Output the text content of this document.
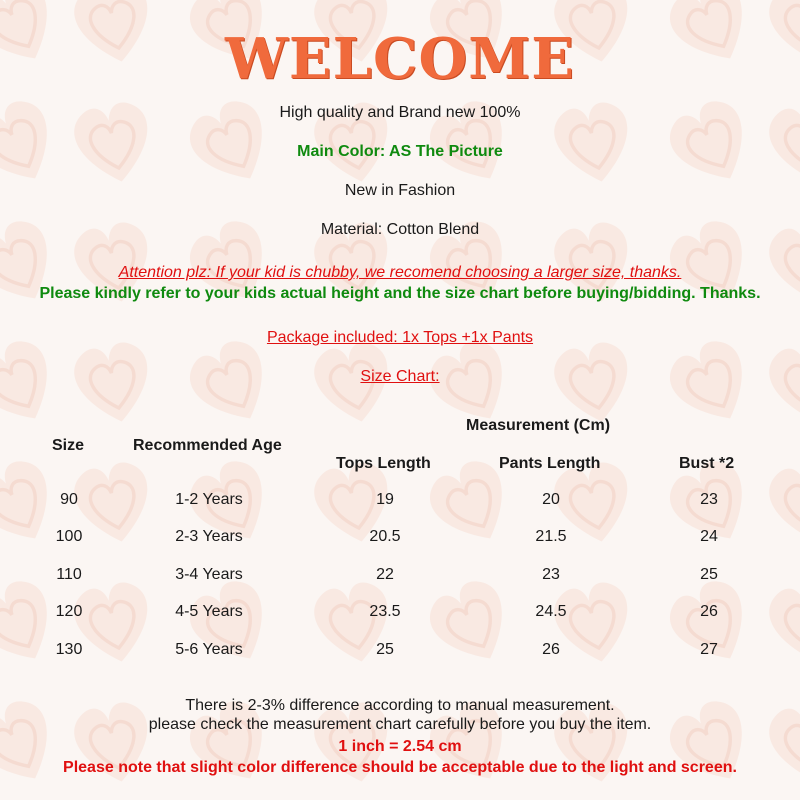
WELCOME
High quality and Brand new 100%
Main Color: AS The Picture
New in Fashion
Material: Cotton Blend
Attention plz: If your kid is chubby, we recomend choosing a larger size, thanks.
Please kindly refer to your kids actual height and the size chart before buying/bidding. Thanks.
Package included: 1x Tops +1x Pants
Size Chart:
Measurement (Cm)
Size	Recommended Age
Tops Length	Pants Length	Bust *2
90	1-2 Years	19	20	23
100	2-3 Years	20.5	21.5	24
110	3-4 Years	22	23	25
120	4-5 Years	23.5	24.5	26
130	5-6 Years	25	26	27
There is 2-3% difference according to manual measurement.
please check the measurement chart carefully before you buy the item.
1 inch = 2.54 cm
Please note that slight color difference should be acceptable due to the light and screen.
